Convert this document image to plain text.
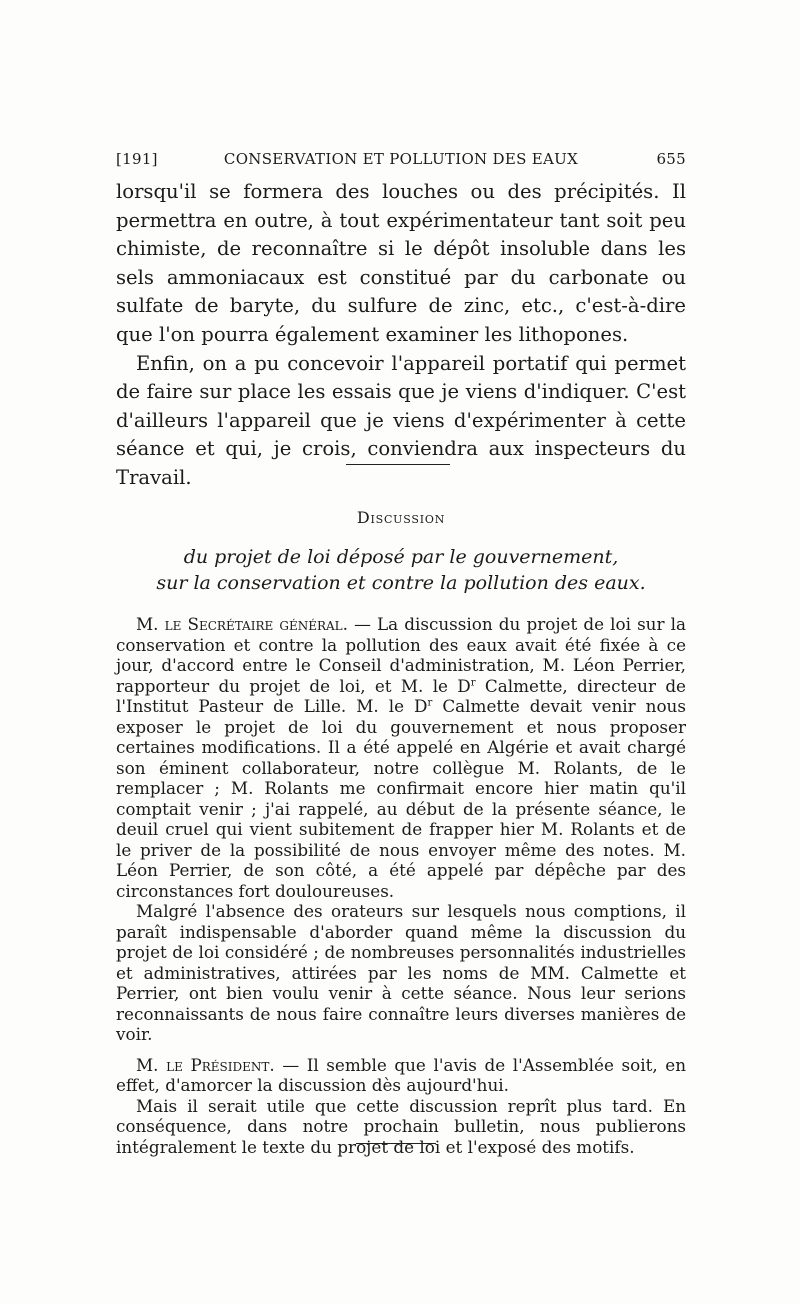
[191]	CONSERVATION ET POLLUTION DES EAUX	655

lorsqu'il se formera des louches ou des précipités. Il permettra en outre, à tout expérimentateur tant soit peu chimiste, de reconnaître si le dépôt insoluble dans les sels ammoniacaux est constitué par du carbonate ou sulfate de baryte, du sulfure de zinc, etc., c'est-à-dire que l'on pourra également examiner les lithopones.

Enfin, on a pu concevoir l'appareil portatif qui permet de faire sur place les essais que je viens d'indiquer. C'est d'ailleurs l'appareil que je viens d'expérimenter à cette séance et qui, je crois, conviendra aux inspecteurs du Travail.

Discussion
du projet de loi déposé par le gouvernement,
sur la conservation et contre la pollution des eaux.

M. le Secrétaire général. — La discussion du projet de loi sur la conservation et contre la pollution des eaux avait été fixée à ce jour, d'accord entre le Conseil d'administration, M. Léon Perrier, rapporteur du projet de loi, et M. le $D^r$ Calmette, directeur de l'Institut Pasteur de Lille. M. le $D^r$ Calmette devait venir nous exposer le projet de loi du gouvernement et nous proposer certaines modifications. Il a été appelé en Algérie et avait chargé son éminent collaborateur, notre collègue M. Rolants, de le remplacer ; M. Rolants me confirmait encore hier matin qu'il comptait venir ; j'ai rappelé, au début de la présente séance, le deuil cruel qui vient subitement de frapper hier M. Rolants et de le priver de la possibilité de nous envoyer même des notes. M. Léon Perrier, de son côté, a été appelé par dépêche par des circonstances fort douloureuses.

Malgré l'absence des orateurs sur lesquels nous comptions, il paraît indispensable d'aborder quand même la discussion du projet de loi considéré ; de nombreuses personnalités industrielles et administratives, attirées par les noms de MM. Calmette et Perrier, ont bien voulu venir à cette séance. Nous leur serions reconnaissants de nous faire connaître leurs diverses manières de voir.

M. le Président. — Il semble que l'avis de l'Assemblée soit, en effet, d'amorcer la discussion dès aujourd'hui.

Mais il serait utile que cette discussion reprît plus tard. En conséquence, dans notre prochain bulletin, nous publierons intégralement le texte du projet de loi et l'exposé des motifs.
